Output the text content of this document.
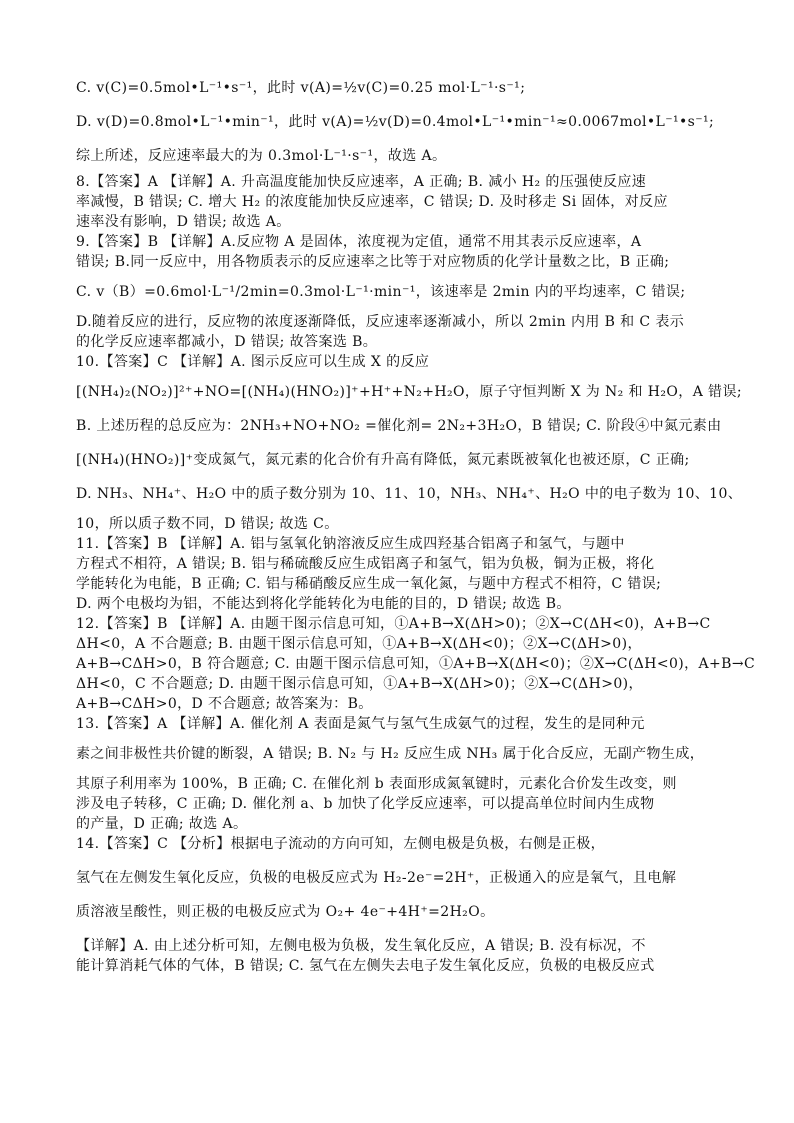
C. v(C)=0.5mol•L⁻¹•s⁻¹，此时 v(A)=½v(C)=0.25 mol·L⁻¹·s⁻¹;
D. v(D)=0.8mol•L⁻¹•min⁻¹，此时 v(A)=½v(D)=0.4mol•L⁻¹•min⁻¹≈0.0067mol•L⁻¹•s⁻¹;
综上所述，反应速率最大的为 0.3mol·L⁻¹·s⁻¹，故选 A。
8.【答案】A 【详解】A. 升高温度能加快反应速率，A 正确; B. 减小 H₂ 的压强使反应速
率减慢，B 错误; C. 增大 H₂ 的浓度能加快反应速率，C 错误; D. 及时移走 Si 固体，对反应
速率没有影响，D 错误; 故选 A。
9.【答案】B 【详解】A.反应物 A 是固体，浓度视为定值，通常不用其表示反应速率，A
错误; B.同一反应中，用各物质表示的反应速率之比等于对应物质的化学计量数之比，B 正确;
C. v（B）=0.6mol·L⁻¹/2min=0.3mol·L⁻¹·min⁻¹，该速率是 2min 内的平均速率，C 错误;
D.随着反应的进行，反应物的浓度逐渐降低，反应速率逐渐减小，所以 2min 内用 B 和 C 表示
的化学反应速率都减小，D 错误; 故答案选 B。
10.【答案】C 【详解】A. 图示反应可以生成 X 的反应
[(NH₄)₂(NO₂)]²⁺+NO=[(NH₄)(HNO₂)]⁺+H⁺+N₂+H₂O，原子守恒判断 X 为 N₂ 和 H₂O，A 错误;
B. 上述历程的总反应为：2NH₃+NO+NO₂ =催化剂= 2N₂+3H₂O，B 错误; C. 阶段④中氮元素由
[(NH₄)(HNO₂)]⁺变成氮气，氮元素的化合价有升高有降低，氮元素既被氧化也被还原，C 正确;
D. NH₃、NH₄⁺、H₂O 中的质子数分别为 10、11、10，NH₃、NH₄⁺、H₂O 中的电子数为 10、10、
10，所以质子数不同，D 错误; 故选 C。
11.【答案】B 【详解】A. 铝与氢氧化钠溶液反应生成四羟基合铝离子和氢气，与题中
方程式不相符，A 错误; B. 铝与稀硫酸反应生成铝离子和氢气，铝为负极，铜为正极，将化
学能转化为电能，B 正确; C. 铝与稀硝酸反应生成一氧化氮，与题中方程式不相符，C 错误;
D. 两个电极均为铝，不能达到将化学能转化为电能的目的，D 错误; 故选 B。
12.【答案】B 【详解】A. 由题干图示信息可知，①A+B→X(ΔH>0)；②X→C(ΔH<0)，A+B→C
ΔH<0，A 不合题意; B. 由题干图示信息可知，①A+B→X(ΔH<0)；②X→C(ΔH>0)，
A+B→CΔH>0，B 符合题意; C. 由题干图示信息可知，①A+B→X(ΔH<0)；②X→C(ΔH<0)，A+B→C
ΔH<0，C 不合题意; D. 由题干图示信息可知，①A+B→X(ΔH>0)；②X→C(ΔH>0)，
A+B→CΔH>0，D 不合题意; 故答案为：B。
13.【答案】A 【详解】A. 催化剂 A 表面是氮气与氢气生成氨气的过程，发生的是同种元
素之间非极性共价键的断裂，A 错误; B. N₂ 与 H₂ 反应生成 NH₃ 属于化合反应，无副产物生成，
其原子利用率为 100%，B 正确; C. 在催化剂 b 表面形成氮氧键时，元素化合价发生改变，则
涉及电子转移，C 正确; D. 催化剂 a、b 加快了化学反应速率，可以提高单位时间内生成物
的产量，D 正确; 故选 A。
14.【答案】C 【分析】根据电子流动的方向可知，左侧电极是负极，右侧是正极，
氢气在左侧发生氧化反应，负极的电极反应式为 H₂-2e⁻=2H⁺，正极通入的应是氧气，且电解
质溶液呈酸性，则正极的电极反应式为 O₂+ 4e⁻+4H⁺=2H₂O。
【详解】A. 由上述分析可知，左侧电极为负极，发生氧化反应，A 错误; B. 没有标况，不
能计算消耗气体的气体，B 错误; C. 氢气在左侧失去电子发生氧化反应，负极的电极反应式
